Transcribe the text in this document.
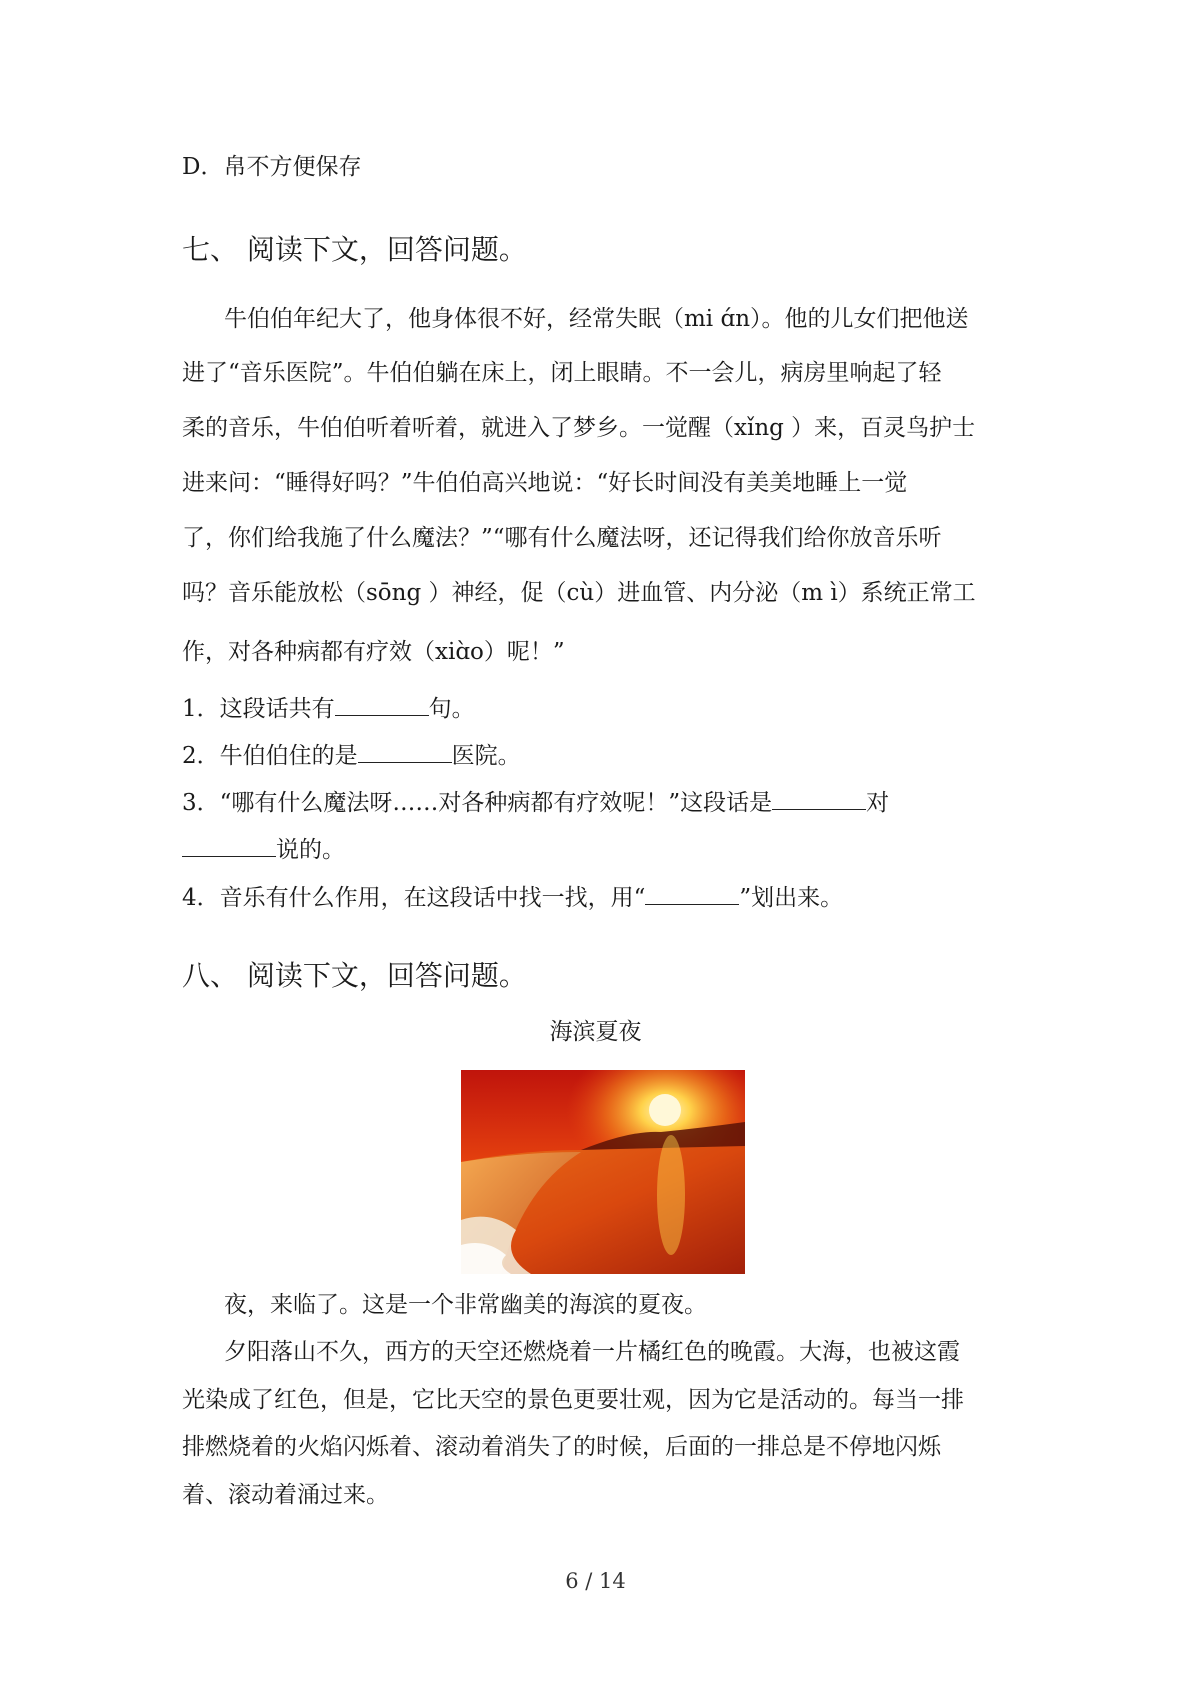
D．帛不方便保存
七、 阅读下文，回答问题。
牛伯伯年纪大了，他身体很不好，经常失眠（mi ɑ́n）。他的儿女们把他送
进了“音乐医院”。牛伯伯躺在床上，闭上眼睛。不一会儿，病房里响起了轻
柔的音乐，牛伯伯听着听着，就进入了梦乡。一觉醒（xǐng ）来，百灵鸟护士
进来问：“睡得好吗？”牛伯伯高兴地说：“好长时间没有美美地睡上一觉
了，你们给我施了什么魔法？”“哪有什么魔法呀，还记得我们给你放音乐听
吗？音乐能放松（sōng ）神经，促（cù）进血管、内分泌（m ì）系统正常工
作，对各种病都有疗效（xiɑ̀o）呢！”
1．这段话共有	句。
2．牛伯伯住的是	医院。
3．“哪有什么魔法呀……对各种病都有疗效呢！”这段话是	对
说的。
4．音乐有什么作用，在这段话中找一找，用“	”划出来。
八、 阅读下文，回答问题。
海滨夏夜
夜，来临了。这是一个非常幽美的海滨的夏夜。
夕阳落山不久，西方的天空还燃烧着一片橘红色的晚霞。大海，也被这霞
光染成了红色，但是，它比天空的景色更要壮观，因为它是活动的。每当一排
排燃烧着的火焰闪烁着、滚动着消失了的时候，后面的一排总是不停地闪烁
着、滚动着涌过来。
6 / 14
